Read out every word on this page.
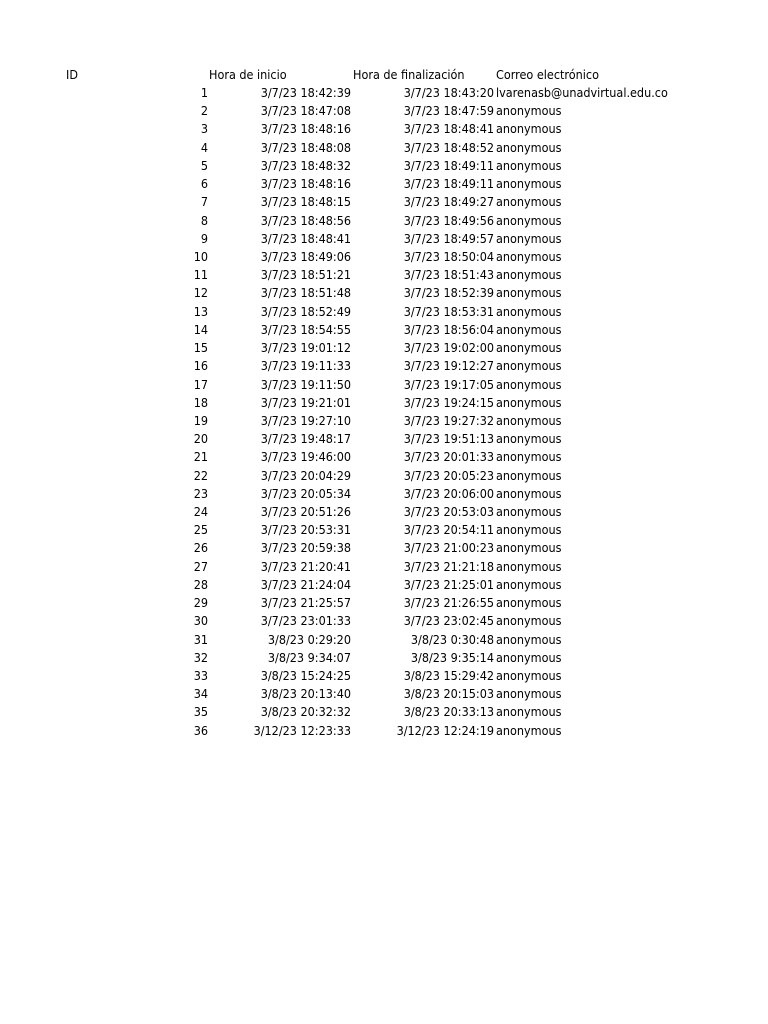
ID	Hora de inicio	Hora de finalización	Correo electrónico
1	3/7/23 18:42:39	3/7/23 18:43:20 lvarenasb@unadvirtual.edu.co
2	3/7/23 18:47:08	3/7/23 18:47:59 anonymous
3	3/7/23 18:48:16	3/7/23 18:48:41 anonymous
4	3/7/23 18:48:08	3/7/23 18:48:52 anonymous
5	3/7/23 18:48:32	3/7/23 18:49:11 anonymous
6	3/7/23 18:48:16	3/7/23 18:49:11 anonymous
7	3/7/23 18:48:15	3/7/23 18:49:27 anonymous
8	3/7/23 18:48:56	3/7/23 18:49:56 anonymous
9	3/7/23 18:48:41	3/7/23 18:49:57 anonymous
10	3/7/23 18:49:06	3/7/23 18:50:04 anonymous
11	3/7/23 18:51:21	3/7/23 18:51:43 anonymous
12	3/7/23 18:51:48	3/7/23 18:52:39 anonymous
13	3/7/23 18:52:49	3/7/23 18:53:31 anonymous
14	3/7/23 18:54:55	3/7/23 18:56:04 anonymous
15	3/7/23 19:01:12	3/7/23 19:02:00 anonymous
16	3/7/23 19:11:33	3/7/23 19:12:27 anonymous
17	3/7/23 19:11:50	3/7/23 19:17:05 anonymous
18	3/7/23 19:21:01	3/7/23 19:24:15 anonymous
19	3/7/23 19:27:10	3/7/23 19:27:32 anonymous
20	3/7/23 19:48:17	3/7/23 19:51:13 anonymous
21	3/7/23 19:46:00	3/7/23 20:01:33 anonymous
22	3/7/23 20:04:29	3/7/23 20:05:23 anonymous
23	3/7/23 20:05:34	3/7/23 20:06:00 anonymous
24	3/7/23 20:51:26	3/7/23 20:53:03 anonymous
25	3/7/23 20:53:31	3/7/23 20:54:11 anonymous
26	3/7/23 20:59:38	3/7/23 21:00:23 anonymous
27	3/7/23 21:20:41	3/7/23 21:21:18 anonymous
28	3/7/23 21:24:04	3/7/23 21:25:01 anonymous
29	3/7/23 21:25:57	3/7/23 21:26:55 anonymous
30	3/7/23 23:01:33	3/7/23 23:02:45 anonymous
31	3/8/23 0:29:20	3/8/23 0:30:48 anonymous
32	3/8/23 9:34:07	3/8/23 9:35:14 anonymous
33	3/8/23 15:24:25	3/8/23 15:29:42 anonymous
34	3/8/23 20:13:40	3/8/23 20:15:03 anonymous
35	3/8/23 20:32:32	3/8/23 20:33:13 anonymous
36	3/12/23 12:23:33	3/12/23 12:24:19 anonymous
